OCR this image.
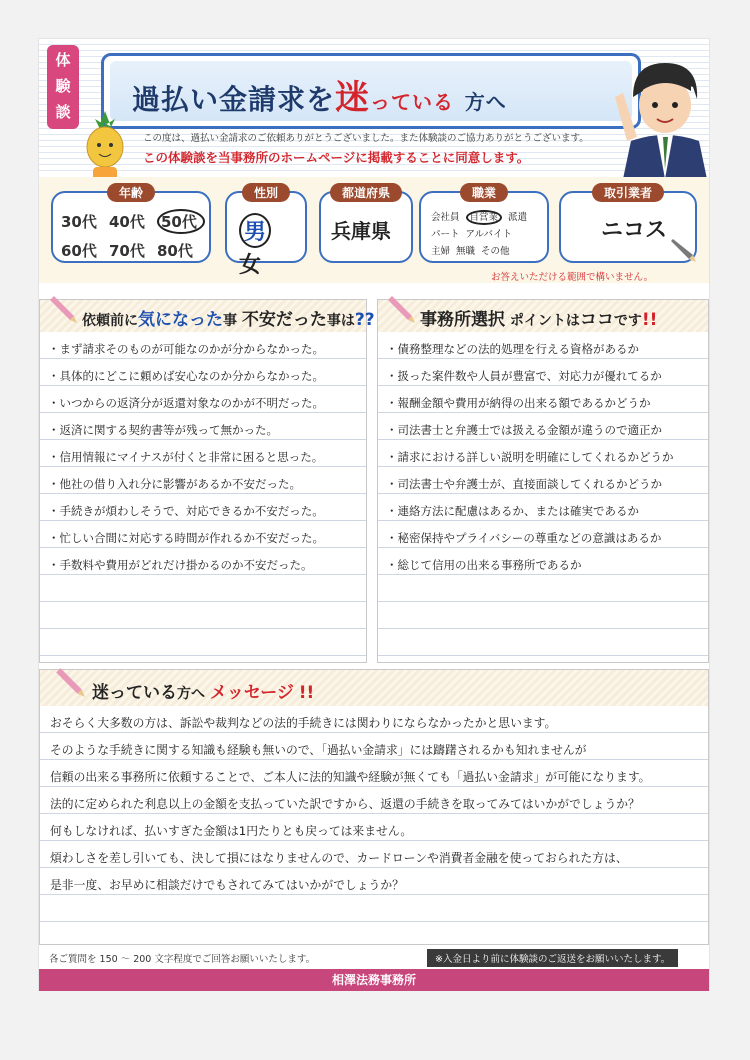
体
験
談	過払い金請求を迷っている 方へ
この度は、過払い金請求のご依頼ありがとうございました。また体験談のご協力ありがとうございます。
この体験談を当事務所のホームページに掲載することに同意します。
年齢
30代 40代 50代
60代 70代 80代
性別
男女
都道府県
兵庫県
職業
会社員 自営業 派遣
パート アルバイト
主婦 無職 その他
取引業者
ニコス
お答えいただける範囲で構いません。
依頼前に気になった事 不安だった事は??
・まず請求そのものが可能なのかが分からなかった。
・具体的にどこに頼めば安心なのか分からなかった。
・いつからの返済分が返還対象なのかが不明だった。
・返済に関する契約書等が残って無かった。
・信用情報にマイナスが付くと非常に困ると思った。
・他社の借り入れ分に影響があるか不安だった。
・手続きが煩わしそうで、対応できるか不安だった。
・忙しい合間に対応する時間が作れるか不安だった。
・手数料や費用がどれだけ掛かるのか不安だった。
事務所選択 ポイントはココです!!
・債務整理などの法的処理を行える資格があるか
・扱った案件数や人員が豊富で、対応力が優れてるか
・報酬金額や費用が納得の出来る額であるかどうか
・司法書士と弁護士では扱える金額が違うので適正か
・請求における詳しい説明を明確にしてくれるかどうか
・司法書士や弁護士が、直接面談してくれるかどうか
・連絡方法に配慮はあるか、または確実であるか
・秘密保持やプライバシーの尊重などの意識はあるか
・総じて信用の出来る事務所であるか
迷っている方へ メッセージ !!

おそらく大多数の方は、訴訟や裁判などの法的手続きには関わりにならなかったかと思います。

そのような手続きに関する知識も経験も無いので、「過払い金請求」には躊躇されるかも知れませんが

信頼の出来る事務所に依頼することで、ご本人に法的知識や経験が無くても「過払い金請求」が可能になります。

法的に定められた利息以上の金額を支払っていた訳ですから、返還の手続きを取ってみてはいかがでしょうか？

何もしなければ、払いすぎた金額は1円たりとも戻っては来ません。

煩わしさを差し引いても、決して損にはなりませんので、カードローンや消費者金融を使っておられた方は、

是非一度、お早めに相談だけでもされてみてはいかがでしょうか？

各ご質問を 150 ～ 200 文字程度でご回答お願いいたします。	※入金日より前に体験談のご返送をお願いいたします。
相澤法務事務所
